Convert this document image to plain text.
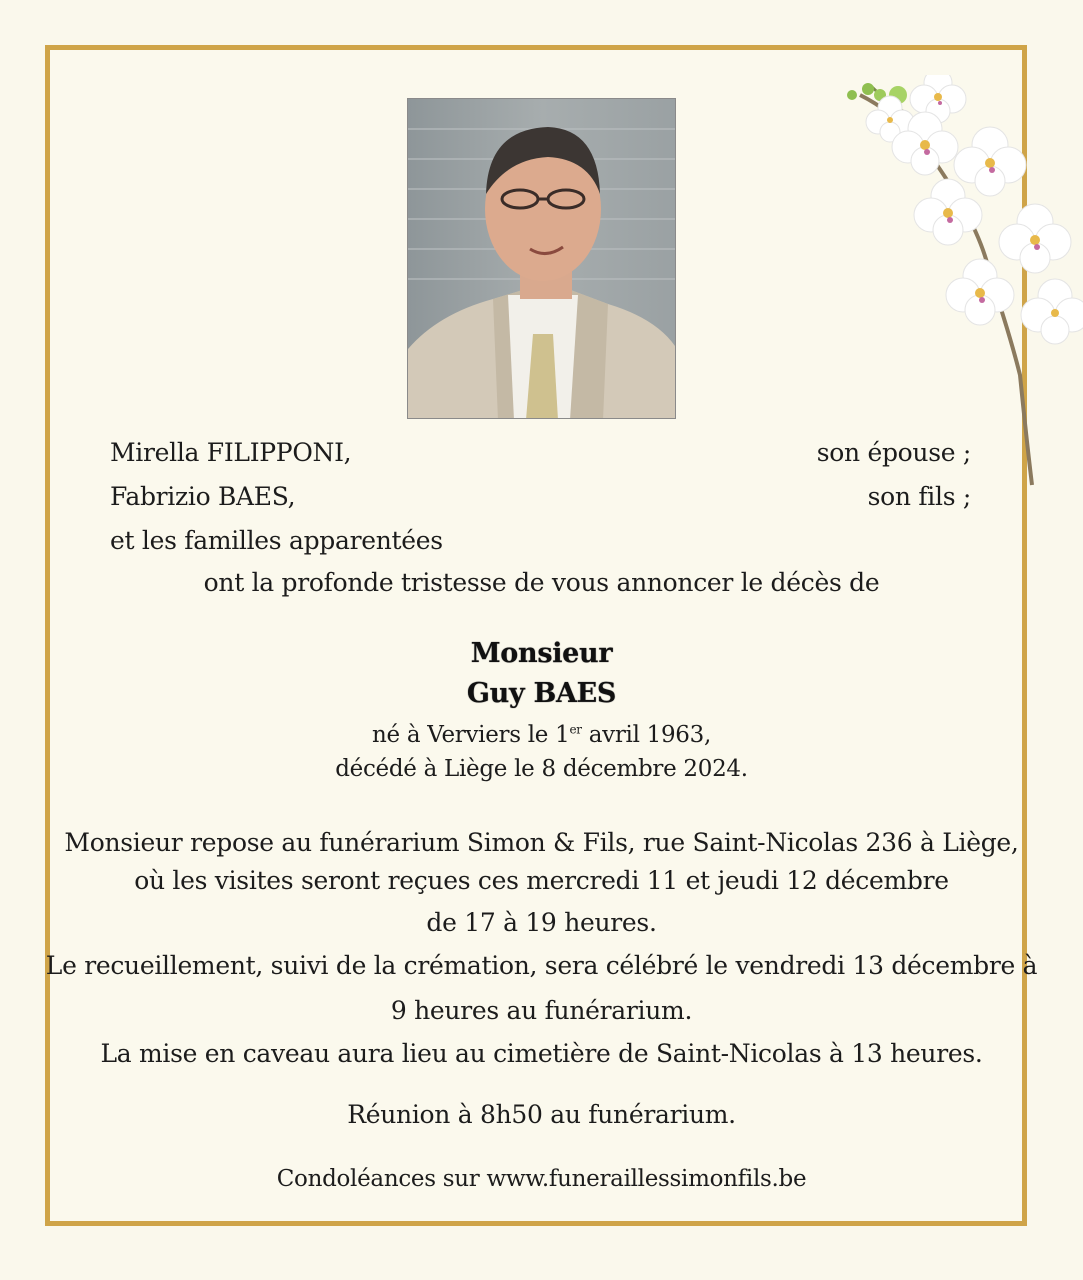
Mirella FILIPPONI,	son épouse ;
Fabrizio BAES,	son fils ;
et les familles apparentées
ont la profonde tristesse de vous annoncer le décès de
Monsieur
Guy BAES
né à Verviers le 1er avril 1963,
décédé à Liège le 8 décembre 2024.
Monsieur repose au funérarium Simon & Fils, rue Saint-Nicolas 236 à Liège,
où les visites seront reçues ces mercredi 11 et jeudi 12 décembre
de 17 à 19 heures.
Le recueillement, suivi de la crémation, sera célébré le vendredi 13 décembre à
9 heures au funérarium.
La mise en caveau aura lieu au cimetière de Saint-Nicolas à 13 heures.
Réunion à 8h50 au funérarium.
Condoléances sur www.funeraillessimonfils.be
